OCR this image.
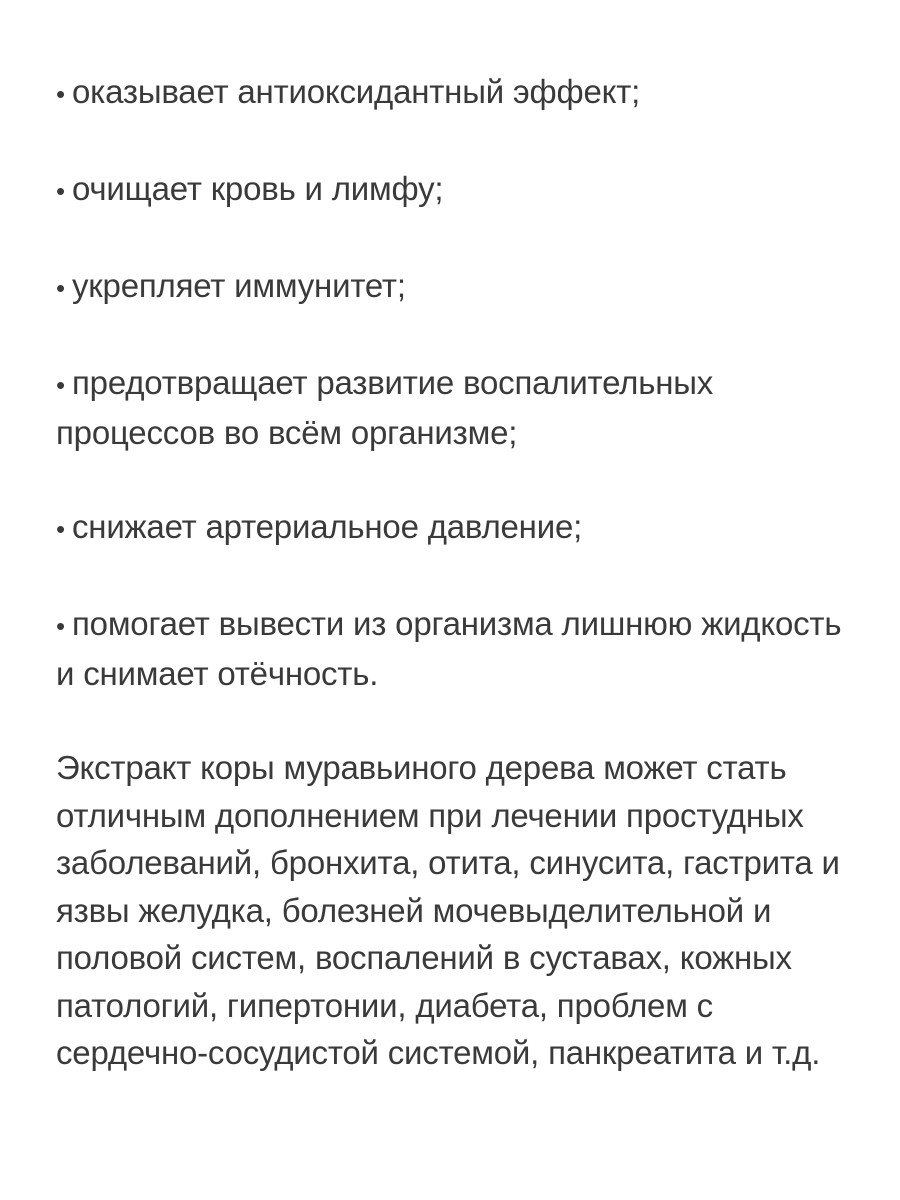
• оказывает антиоксидантный эффект;
• очищает кровь и лимфу;
• укрепляет иммунитет;
• предотвращает развитие воспалительных процессов во всём организме;
• снижает артериальное давление;
• помогает вывести из организма лишнюю жидкость и снимает отёчность.

Экстракт коры муравьиного дерева может стать отличным дополнением при лечении простудных заболеваний, бронхита, отита, синусита, гастрита и язвы желудка, болезней мочевыделительной и половой систем, воспалений в суставах, кожных патологий, гипертонии, диабета, проблем с сердечно-сосудистой системой, панкреатита и т.д.
